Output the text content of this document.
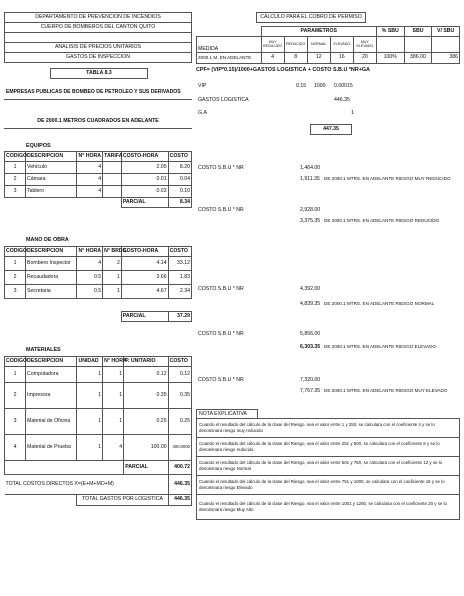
DEPARTAMENTO DE PREVENCION DE INCENDIOS
CUERPO DE BOMBEROS DEL CANTON QUITO

ANALISIS DE PRECIOS UNITARIOS
GASTOS DE INSPECCION
TABLA 8.3
EMPRESAS PUBLICAS DE BOMBEO DE PETROLEO Y SUS DERIVADOS
DE 2000.1 METROS CUADRADOS EN ADELANTE
EQUIPOS
CODIGO	DESCRIPCION	N° HORA	TARIFA	COSTO-HORA	COSTO
1	Vehículo	4		2.05	8.20
2	Cámara	4		0.01	0.04
3	Tablero	4		0.03	0.10
				PARCIAL	8.34
MANO DE OBRA
CODIGO	DESCRIPCION	N° HORA	N° BRDS.	COSTO-HORA	COSTO
1	Bombero Inspector	4	2	4.14	33.12
2	Recaudadora	0.5	1	3.66	1.83
3	Secretaria	0.5	1	4.67	2.34

				PARCIAL	37.29
MATERIALES
CODIGO	DESCRIPCION	UNIDAD	N° HORA	P. UNITARIO	COSTO
1	Computadora	1	1	0.12	0.12
2	Impresora	1	1	0.35	0.35
3	Material de Oficina	1	1	0.25	0.25
4	Material de Prueba	1	4	100.00	400.0000
				PARCIAL	400.72
TOTAL COSTOS DIRECTOS X=(E+M+MO+M)					446.35
		TOTAL GASTOS POR LOGISTICA			446.35
CALCULO PARA EL COBRO DE PERMISO
	PARAMETROS					% SBU	SBU	V/ SBU
MEDIDA	MUY REDUCIDO	REDUCIDO	NORMAL	ELEVADO	MUY ELEVADO			
2000.1 M. EN ADELANTE	4	8	12	16	20	100%	386.00	386
CPF= (VIP*0.15)/1000+GASTOS LOGISTICA + COSTO S.B.U *NR+GA
VIP	0.15 1000 0.00015
GASTOS LOGISTICA	446.35
G.A	1
447.35
COSTO S.B.U * NR	1,464.00
1,911.35 DE 2000.1 MTRS. EN ADELANTE RIESGO MUY REDUCIDO
COSTO S.B.U * NR	2,928.00
3,375.35 DE 2000.1 MTRS. EN ADELANTE RIESGO REDUCIDO
COSTO S.B.U * NR	4,392.00
4,839.35 DE 2000.1 MTRS. EN ADELANTE RIESGO NORMAL
COSTO S.B.U * NR	5,856.00
6,303.35 DE 2000.1 MTRS. EN ADELANTE RIESGO ELEVADO
COSTO S.B.U * NR	7,320.00
7,767.35 DE 2000.1 MTRS. EN ADELANTE RIESGO MUY ELEVADO
NOTA EXPLICATIVA
Cuando el resultado del cálculo de la clase del Riesgo, sea el valor entre 1 y 250, se calculara con el coeficiente 4 y se lo denominara riesgo muy reducido
Cuando el resultado del cálculo de la clase del Riesgo, sea el valor entre 251 y 500, se calculara con el coeficiente 8 y se lo denominara riesgo reducido.
Cuando el resultado del cálculo de la clase del Riesgo, sea el valor entre 501 y 750, se calculara con el coeficiente 12 y se lo denominara riesgo Normal
Cuando el resultado del cálculo de la clase del Riesgo, sea el valor entre 751 y 1000, se calculara con el coeficiente 16 y se lo denominara riesgo Elevado
Cuando el resultado del cálculo de la clase del Riesgo, sea el valor entre 1001 y 1250, se calculara con el coeficiente 20 y se lo denominara riesgo Muy Alto
